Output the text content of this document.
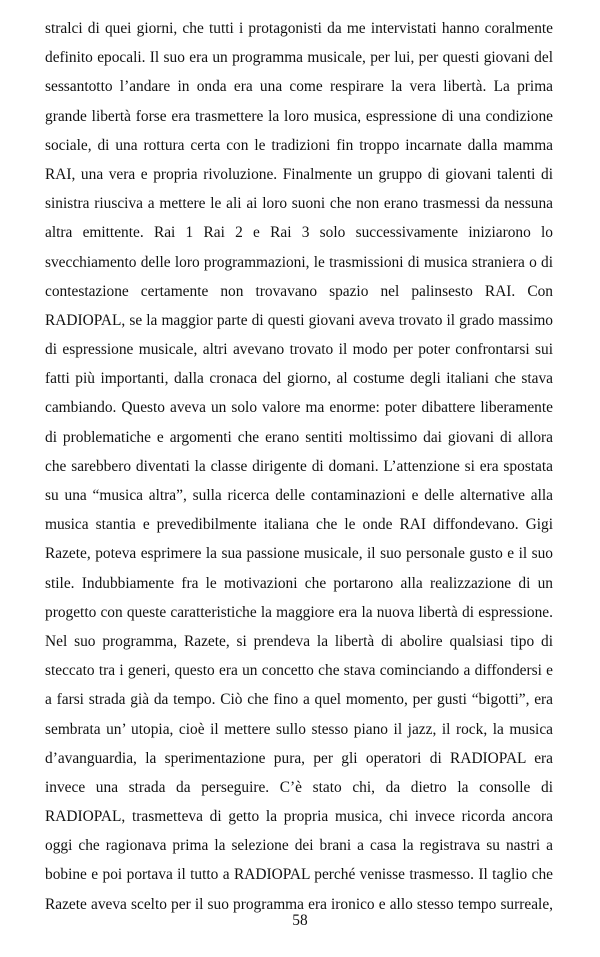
stralci di quei giorni, che tutti i protagonisti da me intervistati hanno coralmente
definito epocali. Il suo era un programma musicale, per lui, per questi giovani del
sessantotto l’andare in onda era una come respirare la vera libertà. La prima
grande libertà forse era trasmettere la loro musica, espressione di una condizione
sociale, di una rottura certa con le tradizioni fin troppo incarnate dalla mamma
RAI, una vera e propria rivoluzione. Finalmente un gruppo di giovani talenti di
sinistra riusciva a mettere le ali ai loro suoni che non erano trasmessi da nessuna
altra emittente. Rai 1 Rai 2 e Rai 3 solo successivamente iniziarono lo
svecchiamento delle loro programmazioni, le trasmissioni di musica straniera o di
contestazione certamente non trovavano spazio nel palinsesto RAI. Con
RADIOPAL, se la maggior parte di questi giovani aveva trovato il grado massimo
di espressione musicale, altri avevano trovato il modo per poter confrontarsi sui
fatti più importanti, dalla cronaca del giorno, al costume degli italiani che stava
cambiando. Questo aveva un solo valore ma enorme: poter dibattere liberamente
di problematiche e argomenti che erano sentiti moltissimo dai giovani di allora
che sarebbero diventati la classe dirigente di domani. L’attenzione si era spostata
su una “musica altra”, sulla ricerca delle contaminazioni e delle alternative alla
musica stantia e prevedibilmente italiana che le onde RAI diffondevano. Gigi
Razete, poteva esprimere la sua passione musicale, il suo personale gusto e il suo
stile. Indubbiamente fra le motivazioni che portarono alla realizzazione di un
progetto con queste caratteristiche la maggiore era la nuova libertà di espressione.
Nel suo programma, Razete, si prendeva la libertà di abolire qualsiasi tipo di
steccato tra i generi, questo era un concetto che stava cominciando a diffondersi e
a farsi strada già da tempo. Ciò che fino a quel momento, per gusti “bigotti”, era
sembrata un’ utopia, cioè il mettere sullo stesso piano il jazz, il rock, la musica
d’avanguardia, la sperimentazione pura, per gli operatori di RADIOPAL era
invece una strada da perseguire. C’è stato chi, da dietro la consolle di
RADIOPAL, trasmetteva di getto la propria musica, chi invece ricorda ancora
oggi che ragionava prima la selezione dei brani a casa la registrava su nastri a
bobine e poi portava il tutto a RADIOPAL perché venisse trasmesso. Il taglio che
Razete aveva scelto per il suo programma era ironico e allo stesso tempo surreale,
58
